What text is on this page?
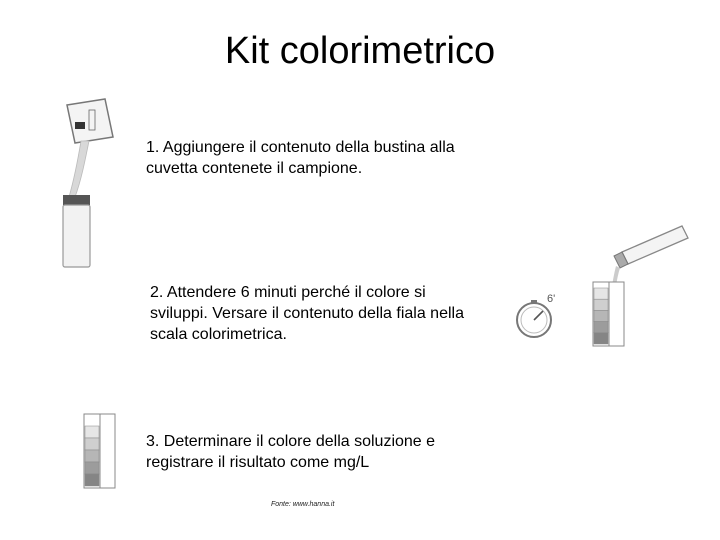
Kit colorimetrico
6'

1. Aggiungere il contenuto della bustina alla cuvetta contenete il campione.

2. Attendere 6 minuti perché il colore si sviluppi. Versare il contenuto della fiala nella scala colorimetrica.

3. Determinare il colore della soluzione e registrare il risultato come mg/L

Fonte: www.hanna.it
